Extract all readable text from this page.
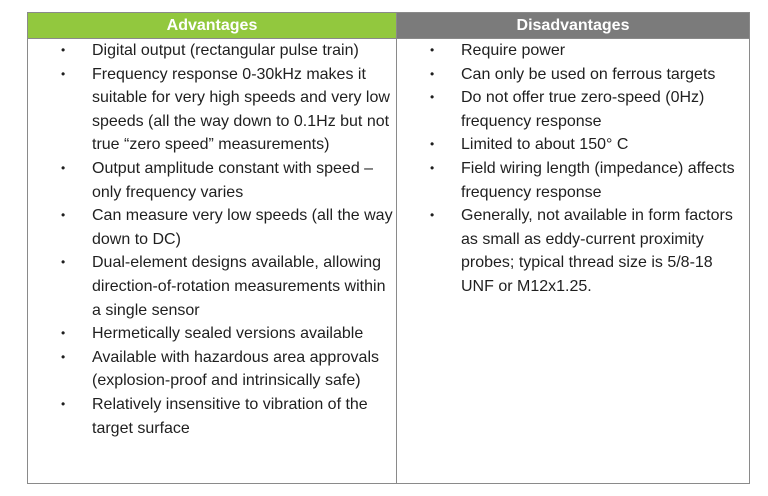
Advantages	Disadvantages
• Digital output (rectangular pulse train)
• Frequency response 0-30kHz makes it suitable for very high speeds and very low speeds (all the way down to 0.1Hz but not true “zero speed” measurements)
• Output amplitude constant with speed – only frequency varies
• Can measure very low speeds (all the way down to DC)
• Dual-element designs available, allowing direction-of-rotation measurements within a single sensor
• Hermetically sealed versions available
• Available with hazardous area approvals (explosion-proof and intrinsically safe)
• Relatively insensitive to vibration of the target surface
• Require power
• Can only be used on ferrous targets
• Do not offer true zero-speed (0Hz) frequency response
• Limited to about 150° C
• Field wiring length (impedance) affects frequency response
• Generally, not available in form factors as small as eddy-current proximity probes; typical thread size is 5/8-18 UNF or M12x1.25.
